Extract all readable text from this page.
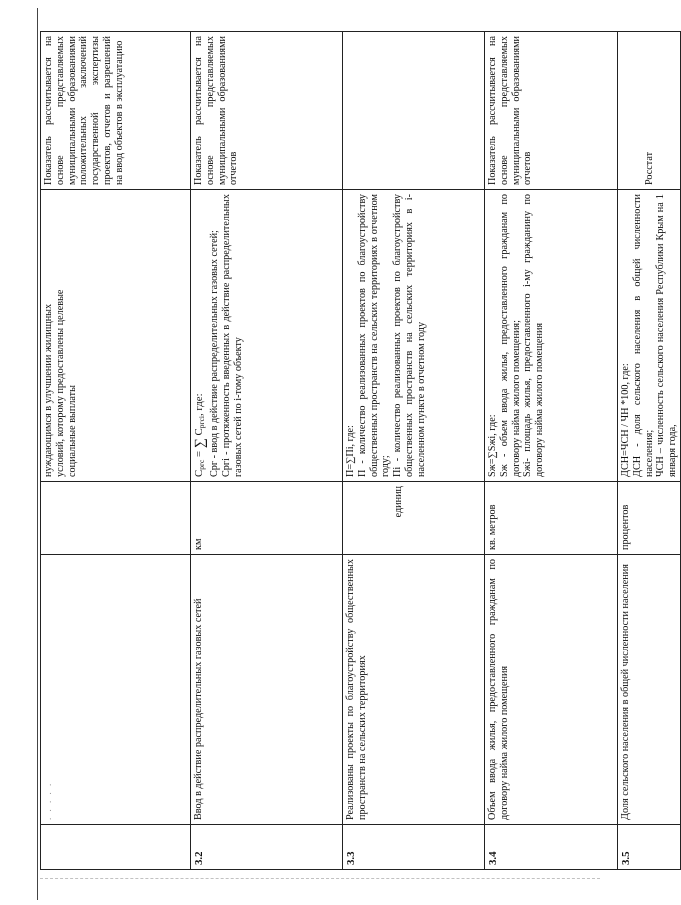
	. . . . .		нуждающимся в улучшении жилищных условий, которому предоставлены целевые социальные выплаты	Показатель рассчитывается на основе представляемых муниципальными образованиями положительных заключений государственной экспертизы проектов, отчетов и разрешений на ввод объектов в эксплуатацию
3.2	Ввод в действие распределительных газовых сетей	км	$C_{ргс}$ = ∑ $C_{ргсi}$, где: Cрг - ввод в действие распределительных газовых сетей; Cргi - протяженность введенных в действие распределительных газовых сетей по i-тому объекту	Показатель рассчитывается на основе представляемых муниципальными образованиями отчетов
3.3	Реализованы проекты по благоустройству общественных пространств на сельских территориях	единиц	П=∑Пi, где: П - количество реализованных проектов по благоустройству общественных пространств на сельских территориях в отчетном году; Пi - количество реализованных проектов по благоустройству общественных пространств на сельских территориях в i-населенном пункте в отчетном году	

3.4	Объем ввода жилья, предоставленного гражданам по договору найма жилого помещения	кв. метров	Sж=∑Sжi, где: Sж - объем ввода жилья, предоставленного гражданам по договору найма жилого помещения; Sжi- площадь жилья, предоставленного i-му гражданину по договору найма жилого помещения	Показатель рассчитывается на основе представляемых муниципальными образованиями отчетов
3.5	Доля сельского населения в общей численности населения	процентов	ДСН=ЧСН / ЧН *100, где: ДСН - доля сельского населения в общей численности населения; ЧСН – численность сельского населения Республики Крым на 1 января года,	Росстат
